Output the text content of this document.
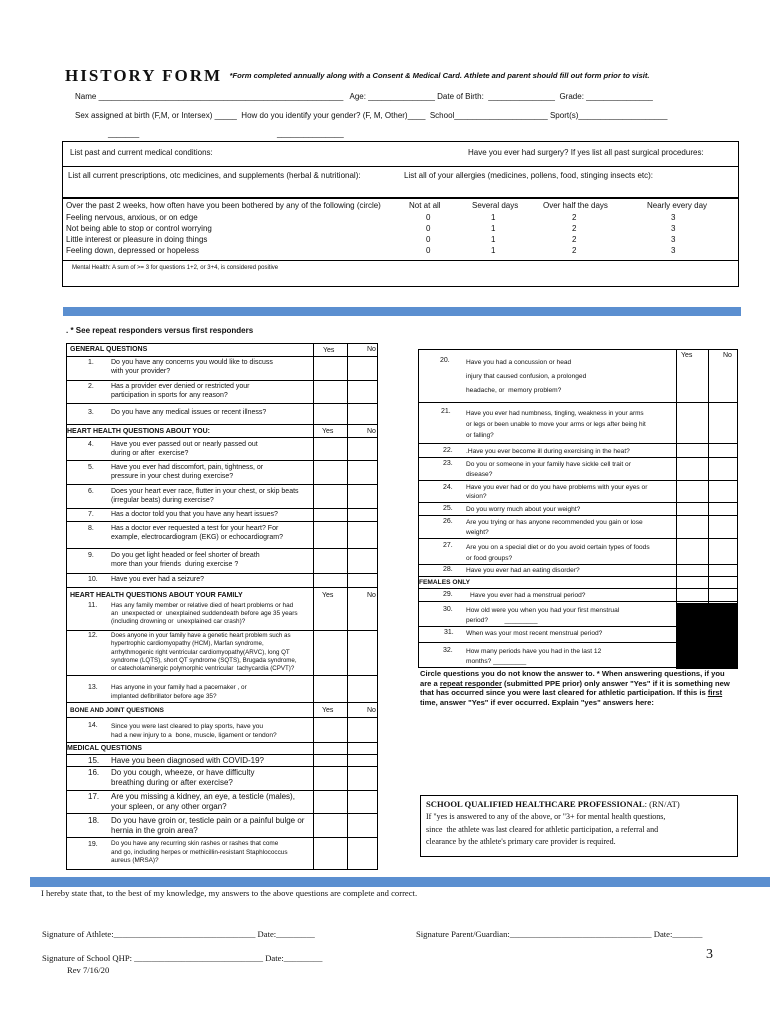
HISTORY FORM *Form completed annually along with a Consent & Medical Card. Athlete and parent should fill out form prior to visit.
Name _______________________________________________________   Age: _______________ Date of Birth:  _______________  Grade: _______________
Sex assigned at birth (F,M, or Intersex) _____  How do you identify your gender? (F, M, Other)____  School_____________________ Sport(s)____________________
_______                                                              _______________
List past and current medical conditions:	Have you ever had surgery? If yes list all past surgical procedures:
List all current prescriptions, otc medicines, and supplements (herbal & nutritional):	List all of your allergies (medicines, pollens, food, stinging insects etc):
Over the past 2 weeks, how often have you been bothered by any of the following (circle)	Not at all	Several days	Over half the days	Nearly every day
Feeling nervous, anxious, or on edge	0	1	2	3
Not being able to stop or control worrying	0	1	2	3
Little interest or pleasure in doing things	0	1	2	3
Feeling down, depressed or hopeless	0	1	2	3
Mental Health: A sum of >= 3 for questions 1+2, or 3+4, is considered positive
. * See repeat responders versus first responders
GENERAL QUESTIONS	Yes	No
1. Do you have any concerns you would like to discuss
with your provider?
2. Has a provider ever denied or restricted your
participation in sports for any reason?
3. Do you have any medical issues or recent illness?
HEART HEALTH QUESTIONS ABOUT YOU:	Yes	No
4. Have you ever passed out or nearly passed out
during or after  exercise?
5. Have you ever had discomfort, pain, tightness, or
pressure in your chest during exercise?
6. Does your heart ever race, flutter in your chest, or skip beats
(irregular beats) during exercise?
7. Has a doctor told you that you have any heart issues?
8. Has a doctor ever requested a test for your heart? For
example, electrocardiogram (EKG) or echocardiogram?
9. Do you get light headed or feel shorter of breath
more than your friends  during exercise ?
10. Have you ever had a seizure?
HEART HEALTH QUESTIONS ABOUT YOUR FAMILY	Yes	No
11. Has any family member or relative died of heart problems or had
an  unexpected or  unexplained suddendeath before age 35 years
(including drowning or  unexplained car crash)?
12. Does anyone in your family have a genetic heart problem such as
hypertrophic cardiomyopathy (HCM), Marfan syndrome,
arrhythmogenic right ventricular cardiomyopathy(ARVC), long QT
syndrome (LQTS), short QT syndrome (SQTS), Brugada syndrome,
or catecholaminergic polymorphic ventricular  tachycardia (CPVT)?
13. Has anyone in your family had a pacemaker , or
implanted defibrillator before age 35?
BONE AND JOINT QUESTIONS	Yes	No
14. Since you were last cleared to play sports, have you
had a new injury to a  bone, muscle, ligament or tendon?
MEDICAL QUESTIONS
15. Have you been diagnosed with COVID-19?
16. Do you cough, wheeze, or have difficulty
breathing during or after exercise?
17. Are you missing a kidney, an eye, a testicle (males),
your spleen, or any other organ?
18. Do you have groin or, testicle pain or a painful bulge or
hernia in the groin area?
19. Do you have any recurring skin rashes or rashes that come
and go, including herpes or methicillin-resistant Staphlococcus
aureus (MRSA)?
Yes	No
20. Have you had a concussion or head
injury that caused confusion, a prolonged
headache, or  memory problem?
21. Have you ever had numbness, tingling, weakness in your arms
or legs or been unable to move your arms or legs after being hit
or falling?
22. .Have you ever become ill during exercising in the heat?
23. Do you or someone in your family have sickle cell trait or
disease?
24. Have you ever had or do you have problems with your eyes or
vision?
25. Do you worry much about your weight?
26. Are you trying or has anyone recommended you gain or lose
weight?
27. Are you on a special diet or do you avoid certain types of foods
or food groups?
28. Have you ever had an eating disorder?
FEMALES ONLY
29.	Have you ever had a menstrual period?
30. How old were you when you had your first menstrual
period?         _________
31. When was your most recent menstrual period?
32. How many periods have you had in the last 12
months? _________
Circle questions you do not know the answer to. * When answering questions, if you
are a repeat responder (submitted PPE prior) only answer "Yes" if it is something new
that has occurred since you were last cleared for athletic participation. If this is first
time, answer "Yes" if ever occurred. Explain "yes" answers here:
SCHOOL QUALIFIED HEALTHCARE PROFESSIONAL: (RN/AT)
If "yes is answered to any of the above, or "3+ for mental health questions,
since  the athlete was last cleared for athletic participation, a referral and
clearance by the athlete's primary care provider is required.
I hereby state that, to the best of my knowledge, my answers to the above questions are complete and correct.
Signature of Athlete:_________________________________ Date:_________	Signature Parent/Guardian:_________________________________ Date:_______
Signature of School QHP: ______________________________ Date:_________	3
Rev 7/16/20
